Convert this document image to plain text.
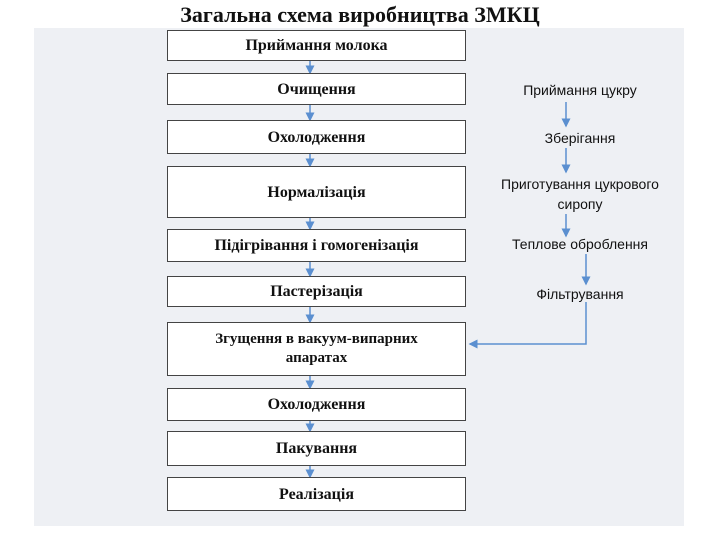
Загальна схема виробництва ЗМКЦ
Приймання молока
Очищення
Охолодження
Нормалізація
Підігрівання і гомогенізація
Пастерізація
Згущення в вакуум-випарних апаратах
Охолодження
Пакування
Реалізація
Приймання цукру
Зберігання
Приготування цукрового сиропу
Теплове оброблення
Фільтрування
